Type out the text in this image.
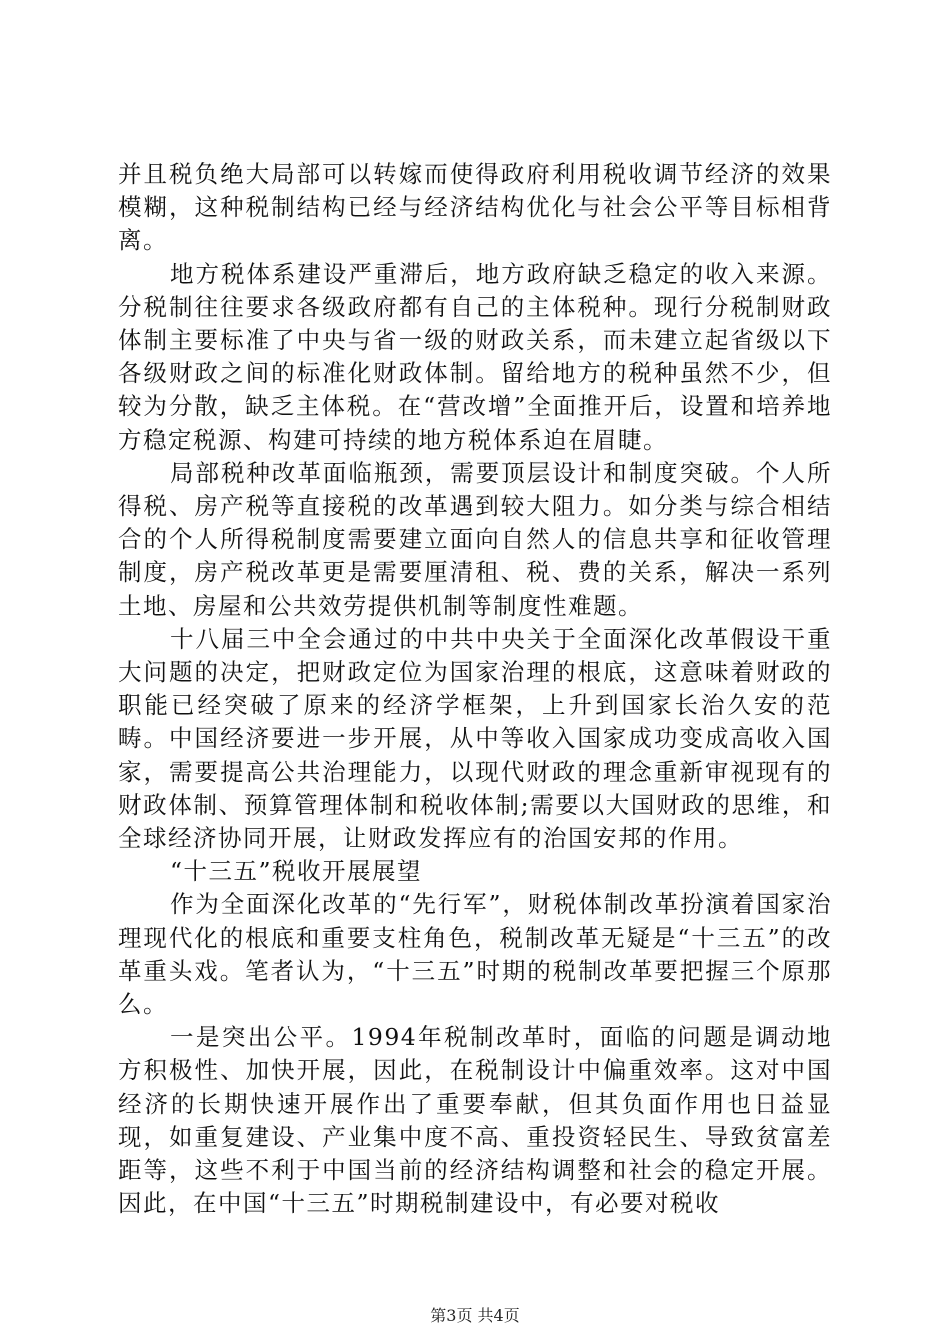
并且税负绝大局部可以转嫁而使得政府利用税收调节经济的效果模糊，这种税制结构已经与经济结构优化与社会公平等目标相背离。

地方税体系建设严重滞后，地方政府缺乏稳定的收入来源。分税制往往要求各级政府都有自己的主体税种。现行分税制财政体制主要标准了中央与省一级的财政关系，而未建立起省级以下各级财政之间的标准化财政体制。留给地方的税种虽然不少，但较为分散，缺乏主体税。在“营改增”全面推开后，设置和培养地方稳定税源、构建可持续的地方税体系迫在眉睫。

局部税种改革面临瓶颈，需要顶层设计和制度突破。个人所得税、房产税等直接税的改革遇到较大阻力。如分类与综合相结合的个人所得税制度需要建立面向自然人的信息共享和征收管理制度，房产税改革更是需要厘清租、税、费的关系，解决一系列土地、房屋和公共效劳提供机制等制度性难题。

十八届三中全会通过的中共中央关于全面深化改革假设干重大问题的决定，把财政定位为国家治理的根底，这意味着财政的职能已经突破了原来的经济学框架，上升到国家长治久安的范畴。中国经济要进一步开展，从中等收入国家成功变成高收入国家，需要提高公共治理能力，以现代财政的理念重新审视现有的财政体制、预算管理体制和税收体制;需要以大国财政的思维，和全球经济协同开展，让财政发挥应有的治国安邦的作用。

“十三五”税收开展展望

作为全面深化改革的“先行军”，财税体制改革扮演着国家治理现代化的根底和重要支柱角色，税制改革无疑是“十三五”的改革重头戏。笔者认为，“十三五”时期的税制改革要把握三个原那么。

一是突出公平。1994年税制改革时，面临的问题是调动地方积极性、加快开展，因此，在税制设计中偏重效率。这对中国经济的长期快速开展作出了重要奉献，但其负面作用也日益显现，如重复建设、产业集中度不高、重投资轻民生、导致贫富差距等，这些不利于中国当前的经济结构调整和社会的稳定开展。因此，在中国“十三五”时期税制建设中，有必要对税收

第3页 共4页
